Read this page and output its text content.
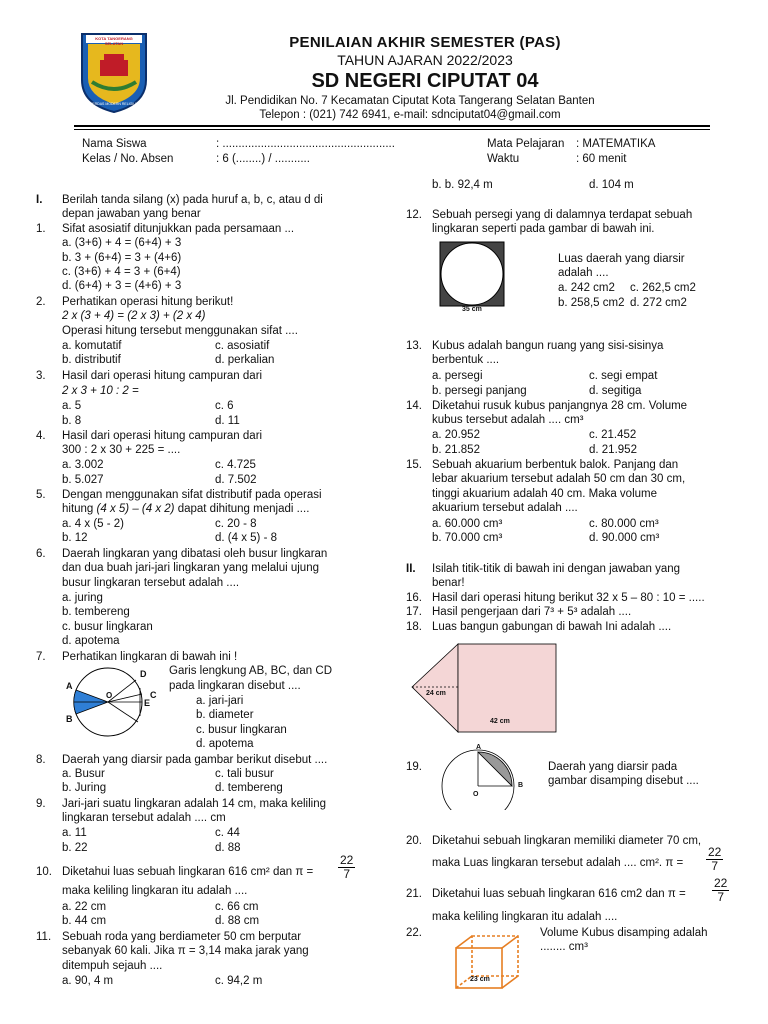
KOTA TANGERANG SELATAN
CERDAS MODERN RELIGIUS
PENILAIAN AKHIR SEMESTER (PAS)
TAHUN AJARAN 2022/2023
SD NEGERI CIPUTAT 04
Jl. Pendidikan No. 7 Kecamatan Ciputat Kota Tangerang Selatan Banten
Telepon : (021) 742 6941, e-mail: sdnciputat04@gmail.com
Nama Siswa	: ......................................................
Kelas / No. Absen	: 6 (........) / ...........
Mata Pelajaran : MATEMATIKA
Waktu	: 60 menit
I. Berilah tanda silang (x) pada huruf a, b, c, atau d di
depan jawaban yang benar
1. Sifat asosiatif ditunjukkan pada persamaan ...
a. (3+6) + 4 = (6+4) + 3
b. 3 + (6+4) = 3 + (4+6)
c. (3+6) + 4 = 3 + (6+4)
d. (6+4) + 3 = (4+6) + 3
2. Perhatikan operasi hitung berikut!
2 x (3 + 4) = (2 x 3) + (2 x 4)
Operasi hitung tersebut menggunakan sifat ....
a. komutatif	c. asosiatif
b. distributif	d. perkalian
3. Hasil dari operasi hitung campuran dari
2 x 3 + 10 : 2 =
a. 5	c. 6
b. 8	d. 11
4. Hasil dari operasi hitung campuran dari
300 : 2 x 30 + 225 = ....
a. 3.002	c. 4.725
b. 5.027	d. 7.502
5. Dengan menggunakan sifat distributif pada operasi
hitung (4 x 5) – (4 x 2) dapat dihitung menjadi ....
a. 4 x (5 - 2)	c. 20 - 8
b. 12	d. (4 x 5) - 8
6. Daerah lingkaran yang dibatasi oleh busur lingkaran
dan dua buah jari-jari lingkaran yang melalui ujung
busur lingkaran tersebut adalah ....
a. juring
b. tembereng
c. busur lingkaran
d. apotema
7. Perhatikan lingkaran di bawah ini !
A
B
C
D
E
O
Garis lengkung AB, BC, dan CD
pada lingkaran disebut ....
a. jari-jari
b. diameter
c. busur lingkaran
d. apotema
8. Daerah yang diarsir pada gambar berikut disebut ....
a. Busur	c. tali busur
b. Juring	d. tembereng
9. Jari-jari suatu lingkaran adalah 14 cm, maka keliling
lingkaran tersebut adalah .... cm
a. 11	c. 44
b. 22	d. 88
10. Diketahui luas sebuah lingkaran 616 cm² dan $\pi = \frac{22}{7}$
maka keliling lingkaran itu adalah ....
a. 22 cm	c. 66 cm
b. 44 cm	d. 88 cm
11. Sebuah roda yang berdiameter 50 cm berputar
sebanyak 60 kali. Jika π = 3,14 maka jarak yang
ditempuh sejauh ....
a. 90, 4 m	c. 94,2 m
b. b. 92,4 m	d. 104 m
12. Sebuah persegi yang di dalamnya terdapat sebuah
lingkaran seperti pada gambar di bawah ini.
35 cm
Luas daerah yang diarsir
adalah ....
a. 242 cm2 c. 262,5 cm2
b. 258,5 cm2 d. 272 cm2
13. Kubus adalah bangun ruang yang sisi-sisinya
berbentuk ....
a. persegi	c. segi empat
b. persegi panjang	d. segitiga
14. Diketahui rusuk kubus panjangnya 28 cm. Volume
kubus tersebut adalah .... cm³
a. 20.952	c. 21.452
b. 21.852	d. 21.952
15. Sebuah akuarium berbentuk balok. Panjang dan
lebar akuarium tersebut adalah 50 cm dan 30 cm,
tinggi akuarium adalah 40 cm. Maka volume
akuarium tersebut adalah ....
a. 60.000 cm³	c. 80.000 cm³
b. 70.000 cm³	d. 90.000 cm³
II. Isilah titik-titik di bawah ini dengan jawaban yang
benar!
16. Hasil dari operasi hitung berikut 32 x 5 – 80 : 10 = .....
17. Hasil pengerjaan dari 7³ + 5³ adalah ....
18. Luas bangun gabungan di bawah Ini adalah ....
24 cm
42 cm
19.
A
B
O
Daerah yang diarsir pada
gambar disamping disebut ....
20. Diketahui sebuah lingkaran memiliki diameter 70 cm,
maka Luas lingkaran tersebut adalah .... cm². $\pi = \frac{22}{7}$
21. Diketahui luas sebuah lingkaran 616 cm2 dan $\pi = \frac{22}{7}$
maka keliling lingkaran itu adalah ....
22.
23 cm
Volume Kubus disamping adalah
........ cm³
